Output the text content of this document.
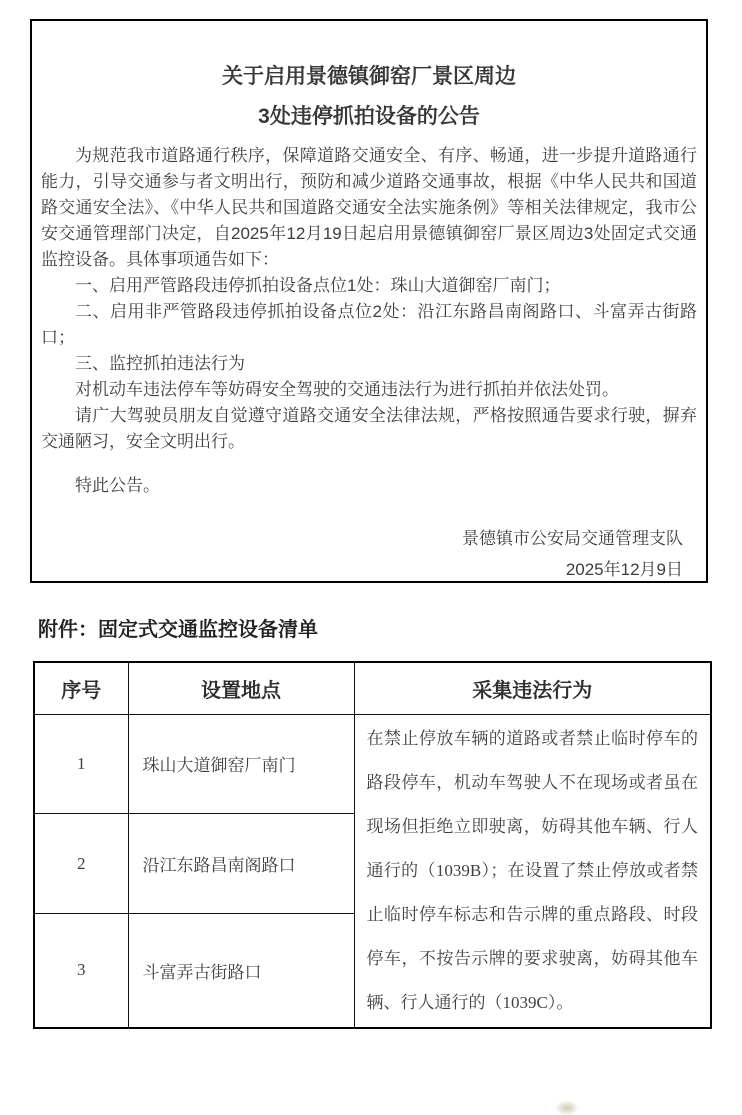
关于启用景德镇御窑厂景区周边
3处违停抓拍设备的公告

为规范我市道路通行秩序，保障道路交通安全、有序、畅通，进一步提升道路通行能力，引导交通参与者文明出行，预防和减少道路交通事故，根据《中华人民共和国道路交通安全法》、《中华人民共和国道路交通安全法实施条例》等相关法律规定，我市公安交通管理部门决定，自2025年12月19日起启用景德镇御窑厂景区周边3处固定式交通监控设备。具体事项通告如下：

一、启用严管路段违停抓拍设备点位1处：珠山大道御窑厂南门；

二、启用非严管路段违停抓拍设备点位2处：沿江东路昌南阁路口、斗富弄古街路口；

三、监控抓拍违法行为

对机动车违法停车等妨碍安全驾驶的交通违法行为进行抓拍并依法处罚。

请广大驾驶员朋友自觉遵守道路交通安全法律法规，严格按照通告要求行驶，摒弃交通陋习，安全文明出行。

特此公告。
景德镇市公安局交通管理支队
2025年12月9日
附件：固定式交通监控设备清单
序号	设置地点	采集违法行为
1	珠山大道御窑厂南门	在禁止停放车辆的道路或者禁止临时停车的路段停车，机动车驾驶人不在现场或者虽在现场但拒绝立即驶离，妨碍其他车辆、行人通行的（1039B）；在设置了禁止停放或者禁止临时停车标志和告示牌的重点路段、时段停车，不按告示牌的要求驶离，妨碍其他车辆、行人通行的（1039C）。
2	沿江东路昌南阁路口	
3	斗富弄古街路口	
